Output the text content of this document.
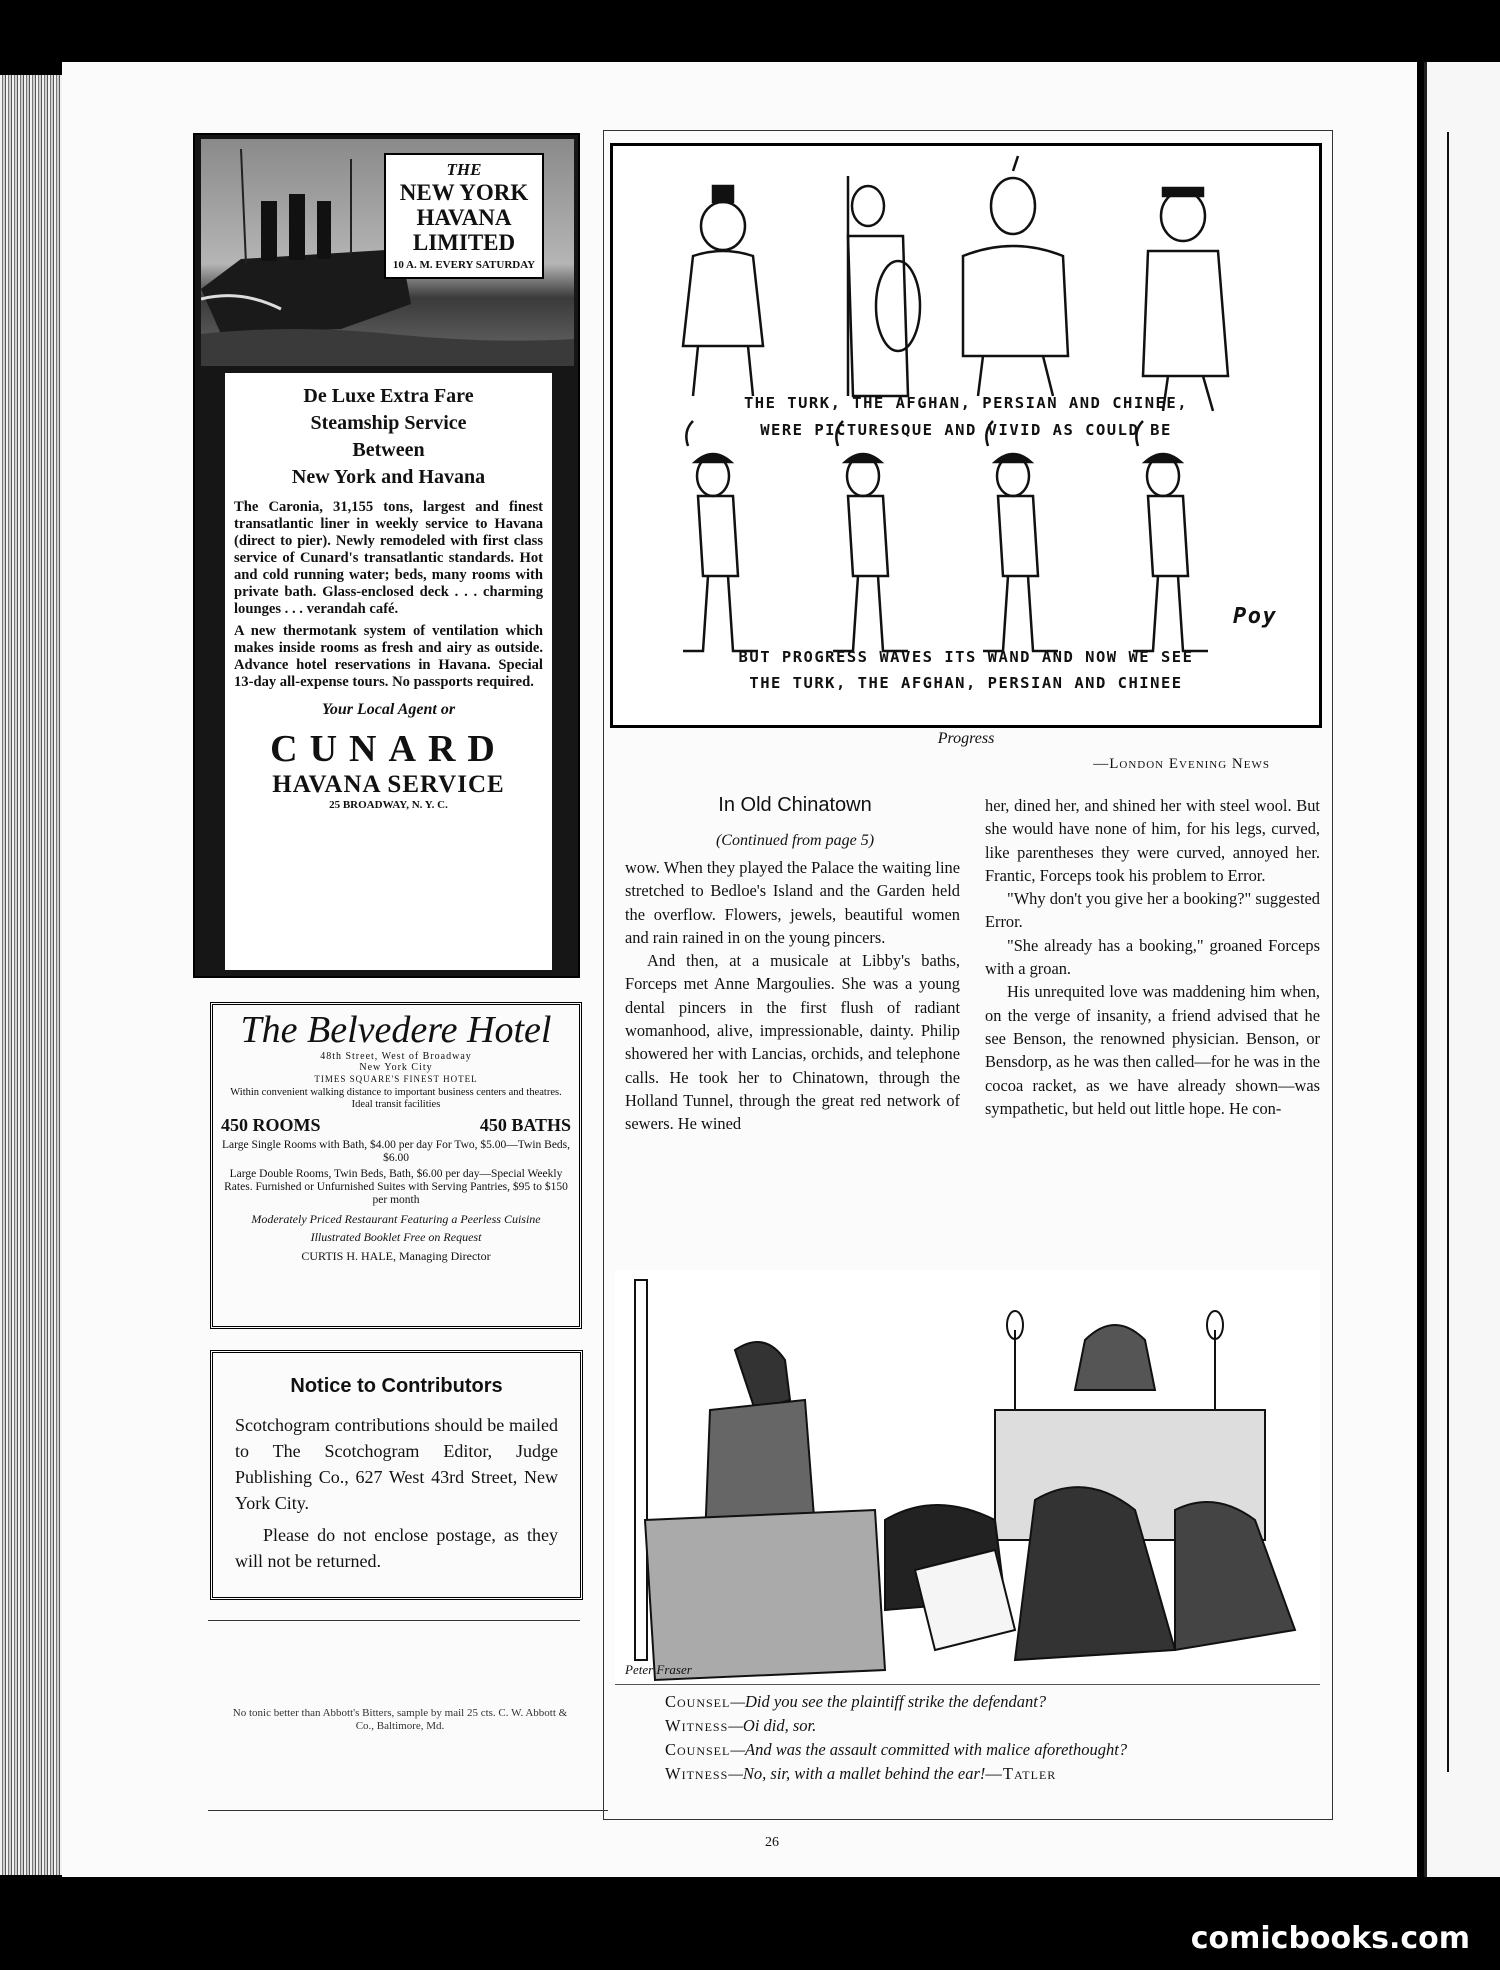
THE
NEW YORK HAVANA LIMITED
10 A. M. EVERY SATURDAY
De Luxe Extra Fare
Steamship Service
Between
New York and Havana

The Caronia, 31,155 tons, largest and finest transatlantic liner in weekly service to Havana (direct to pier). Newly remodeled with first class service of Cunard's transatlantic standards. Hot and cold running water; beds, many rooms with private bath. Glass-enclosed deck . . . charming lounges . . . verandah café.

A new thermotank system of ventilation which makes inside rooms as fresh and airy as outside. Advance hotel reservations in Havana. Special 13-day all-expense tours. No passports required.

Your Local Agent or
CUNARD
HAVANA SERVICE
25 BROADWAY, N. Y. C.
The Belvedere Hotel
48th Street, West of Broadway
New York City
TIMES SQUARE'S FINEST HOTEL
Within convenient walking distance to important business centers and theatres. Ideal transit facilities
450 ROOMS	450 BATHS
Large Single Rooms with Bath, $4.00 per day For Two, $5.00—Twin Beds, $6.00
Large Double Rooms, Twin Beds, Bath, $6.00 per day—Special Weekly Rates. Furnished or Unfurnished Suites with Serving Pantries, $95 to $150 per month
Moderately Priced Restaurant Featuring a Peerless Cuisine
Illustrated Booklet Free on Request
CURTIS H. HALE, Managing Director
Notice to Contributors

Scotchogram contributions should be mailed to The Scotchogram Editor, Judge Publishing Co., 627 West 43rd Street, New York City.

Please do not enclose postage, as they will not be returned.

No tonic better than Abbott's Bitters, sample by mail 25 cts. C. W. Abbott & Co., Baltimore, Md.
THE TURK, THE AFGHAN, PERSIAN AND CHINEE,
WERE PICTURESQUE AND VIVID AS COULD BE
Poy
BUT PROGRESS WAVES ITS WAND AND NOW WE SEE
THE TURK, THE AFGHAN, PERSIAN AND CHINEE
Progress
—London Evening News
In Old Chinatown
(Continued from page 5)

wow. When they played the Palace the waiting line stretched to Bedloe's Island and the Garden held the overflow. Flowers, jewels, beautiful women and rain rained in on the young pincers.

And then, at a musicale at Libby's baths, Forceps met Anne Margoulies. She was a young dental pincers in the first flush of radiant womanhood, alive, impressionable, dainty. Philip showered her with Lancias, orchids, and telephone calls. He took her to Chinatown, through the Holland Tunnel, through the great red network of sewers. He wined

her, dined her, and shined her with steel wool. But she would have none of him, for his legs, curved, like parentheses they were curved, annoyed her. Frantic, Forceps took his problem to Error.

"Why don't you give her a booking?" suggested Error.

"She already has a booking," groaned Forceps with a groan.

His unrequited love was maddening him when, on the verge of insanity, a friend advised that he see Benson, the renowned physician. Benson, or Bensdorp, as he was then called—for he was in the cocoa racket, as we have already shown—was sympathetic, but held out little hope. He con-

Peter Fraser
Counsel—Did you see the plaintiff strike the defendant?
Witness—Oi did, sor.
Counsel—And was the assault committed with malice aforethought?
Witness—No, sir, with a mallet behind the ear!—Tatler
26
comicbooks.com
